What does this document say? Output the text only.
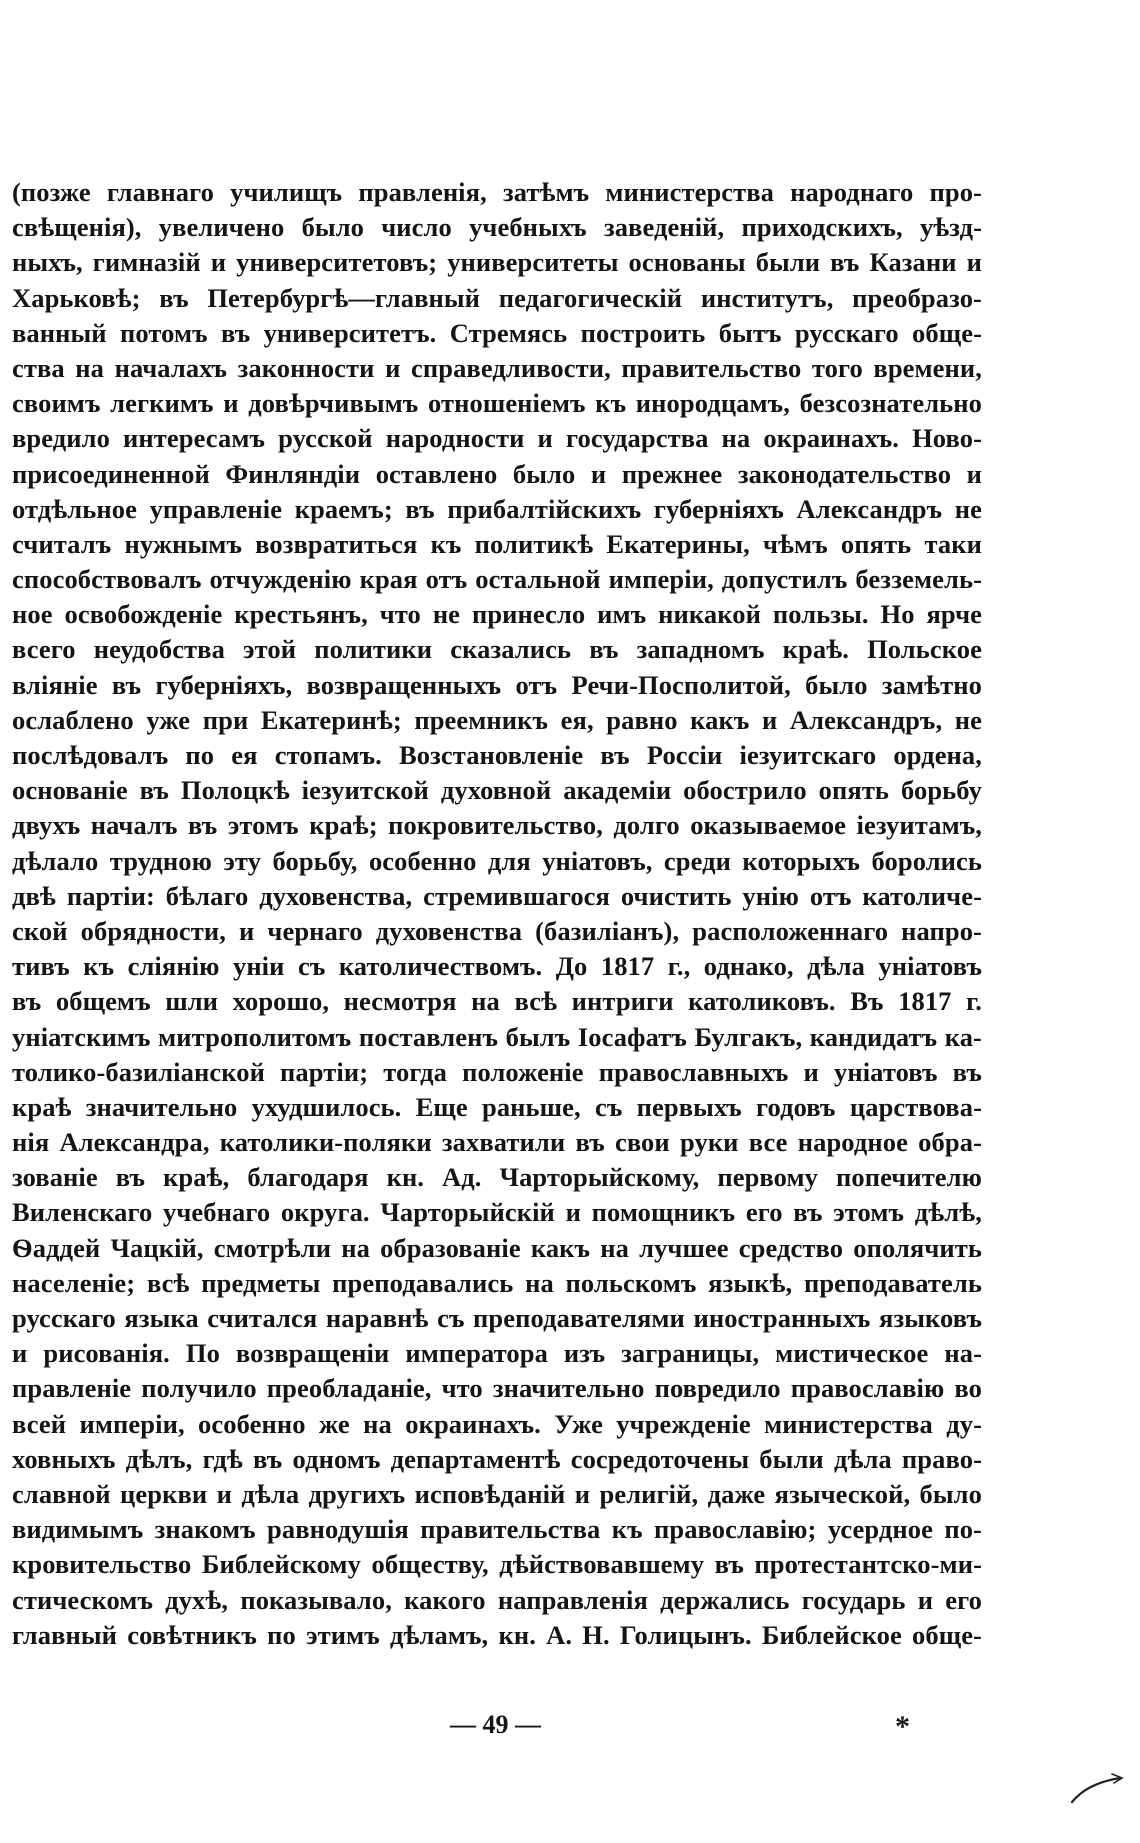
(позже главнаго училищъ правленія, затѣмъ министерства народнаго про-
свѣщенія), увеличено было число учебныхъ заведеній, приходскихъ, уѣзд-
ныхъ, гимназій и университетовъ; университеты основаны были въ Казани и
Харьковѣ; въ Петербургѣ—главный педагогическій институтъ, преобразо-
ванный потомъ въ университетъ. Стремясь построить бытъ русскаго обще-
ства на началахъ законности и справедливости, правительство того времени,
своимъ легкимъ и довѣрчивымъ отношеніемъ къ инородцамъ, безсознательно
вредило интересамъ русской народности и государства на окраинахъ. Ново-
присоединенной Финляндіи оставлено было и прежнее законодательство и
отдѣльное управленіе краемъ; въ прибалтійскихъ губерніяхъ Александръ не
считалъ нужнымъ возвратиться къ политикѣ Екатерины, чѣмъ опять таки
способствовалъ отчужденію края отъ остальной имперіи, допустилъ безземель-
ное освобожденіе крестьянъ, что не принесло имъ никакой пользы. Но ярче
всего неудобства этой политики сказались въ западномъ краѣ. Польское
вліяніе въ губерніяхъ, возвращенныхъ отъ Речи-Посполитой, было замѣтно
ослаблено уже при Екатеринѣ; преемникъ ея, равно какъ и Александръ, не
послѣдовалъ по ея стопамъ. Возстановленіе въ Россіи іезуитскаго ордена,
основаніе въ Полоцкѣ іезуитской духовной академіи обострило опять борьбу
двухъ началъ въ этомъ краѣ; покровительство, долго оказываемое іезуитамъ,
дѣлало трудною эту борьбу, особенно для уніатовъ, среди которыхъ боролись
двѣ партіи: бѣлаго духовенства, стремившагося очистить унію отъ католиче-
ской обрядности, и чернаго духовенства (базиліанъ), расположеннаго напро-
тивъ къ сліянію уніи съ католичествомъ. До 1817 г., однако, дѣла уніатовъ
въ общемъ шли хорошо, несмотря на всѣ интриги католиковъ. Въ 1817 г.
уніатскимъ митрополитомъ поставленъ былъ Іосафатъ Булгакъ, кандидатъ ка-
толико-базиліанской партіи; тогда положеніе православныхъ и уніатовъ въ
краѣ значительно ухудшилось. Еще раньше, съ первыхъ годовъ царствова-
нія Александра, католики-поляки захватили въ свои руки все народное обра-
зованіе въ краѣ, благодаря кн. Ад. Чарторыйскому, первому попечителю
Виленскаго учебнаго округа. Чарторыйскій и помощникъ его въ этомъ дѣлѣ,
Ѳаддей Чацкій, смотрѣли на образованіе какъ на лучшее средство ополячить
населеніе; всѣ предметы преподавались на польскомъ языкѣ, преподаватель
русскаго языка считался наравнѣ съ преподавателями иностранныхъ языковъ
и рисованія. По возвращеніи императора изъ заграницы, мистическое на-
правленіе получило преобладаніе, что значительно повредило православію во
всей имперіи, особенно же на окраинахъ. Уже учрежденіе министерства ду-
ховныхъ дѣлъ, гдѣ въ одномъ департаментѣ сосредоточены были дѣла право-
славной церкви и дѣла другихъ исповѣданій и религій, даже языческой, было
видимымъ знакомъ равнодушія правительства къ православію; усердное по-
кровительство Библейскому обществу, дѣйствовавшему въ протестантско-ми-
стическомъ духѣ, показывало, какого направленія держались государь и его
главный совѣтникъ по этимъ дѣламъ, кн. А. Н. Голицынъ. Библейское обще-
— 49 —	*
